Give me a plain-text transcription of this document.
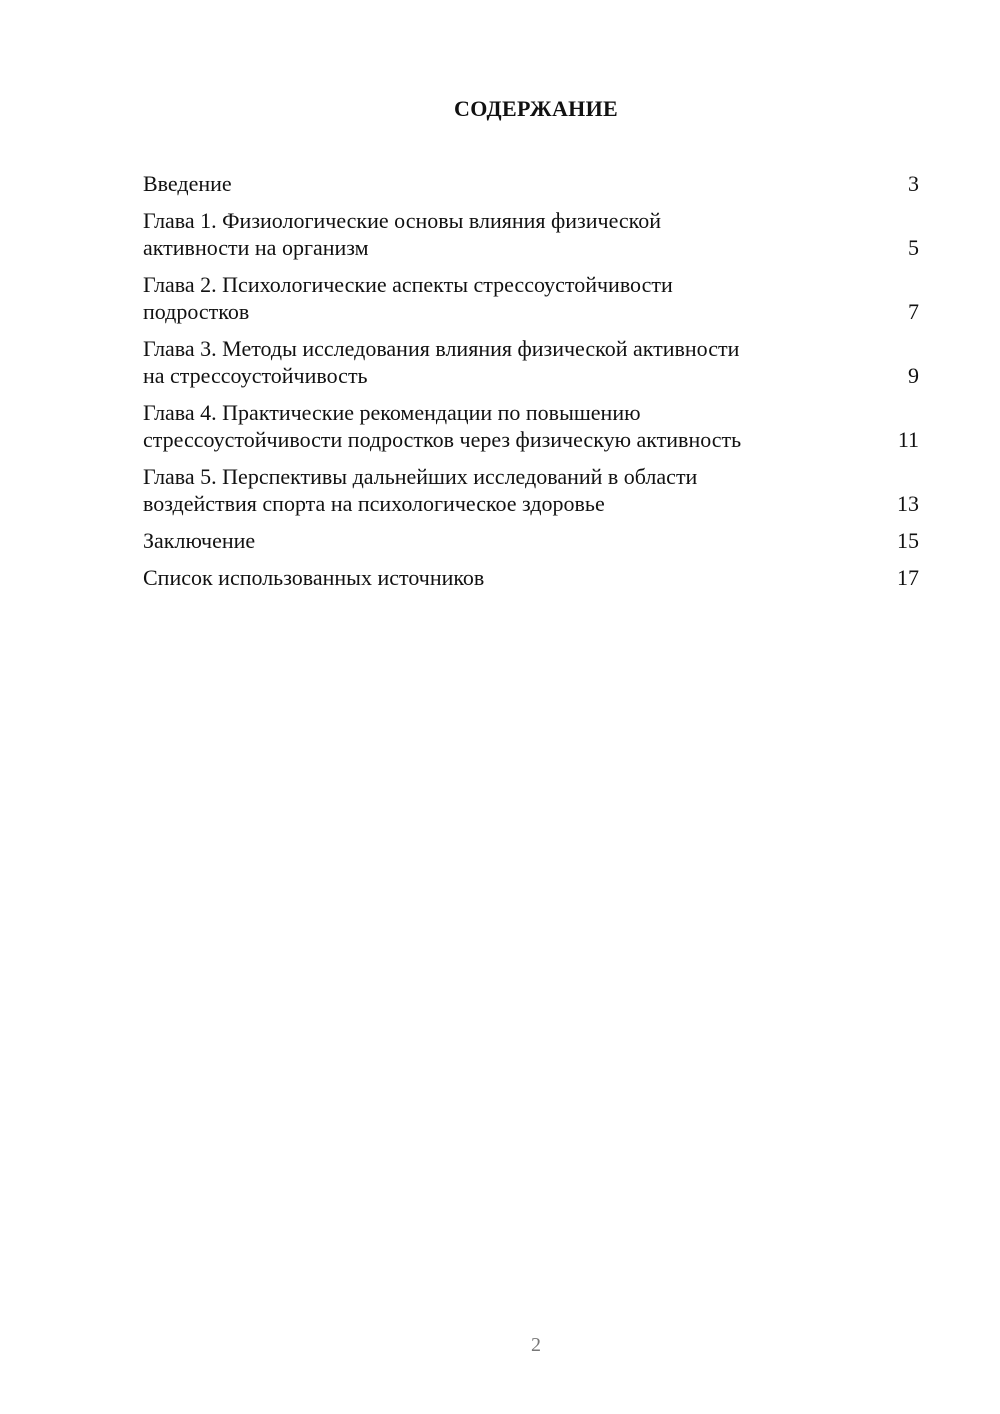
СОДЕРЖАНИЕ
Введение	3
Глава 1. Физиологические основы влияния физической
активности на организм	5
Глава 2. Психологические аспекты стрессоустойчивости
подростков	7
Глава 3. Методы исследования влияния физической активности
на стрессоустойчивость	9
Глава 4. Практические рекомендации по повышению
стрессоустойчивости подростков через физическую активность	11
Глава 5. Перспективы дальнейших исследований в области
воздействия спорта на психологическое здоровье	13
Заключение	15
Список использованных источников	17
2
